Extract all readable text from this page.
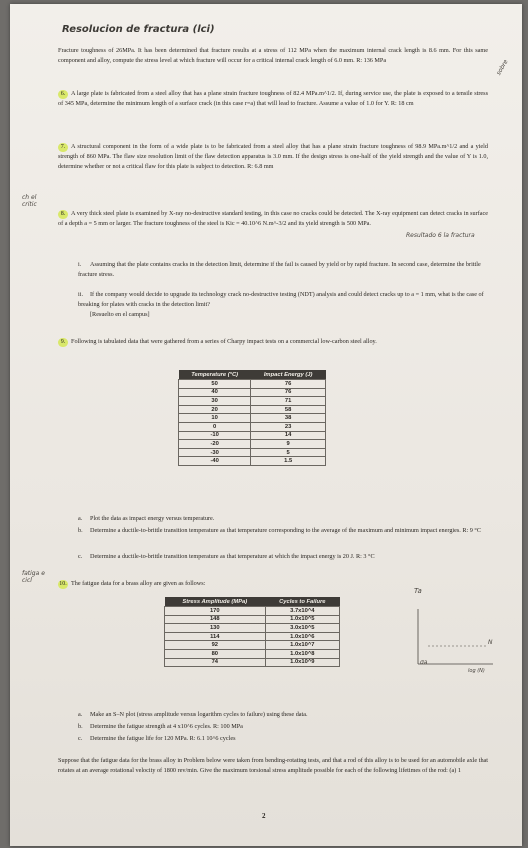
Resolucion de fractura (lci)
ch el critic
sobre
Fracture toughness of 26MPa. It has been determined that fracture results at a stress of 112 MPa when the maximum internal crack length is 8.6 mm. For this same component and alloy, compute the stress level at which fracture will occur for a critical internal crack length of 6.0 mm. R: 136 MPa
6. A large plate is fabricated from a steel alloy that has a plane strain fracture toughness of 82.4 MPa.m^1/2. If, during service use, the plate is exposed to a tensile stress of 345 MPa, determine the minimum length of a surface crack (in this case r=a) that will lead to fracture. Assume a value of 1.0 for Y. R: 18 cm
7. A structural component in the form of a wide plate is to be fabricated from a steel alloy that has a plane strain fracture toughness of 98.9 MPa.m^1/2 and a yield strength of 860 MPa. The flaw size resolution limit of the flaw detection apparatus is 3.0 mm. If the design stress is one-half of the yield strength and the value of Y is 1.0, determine whether or not a critical flaw for this plate is subject to detection. R: 6.8 mm
8. A very thick steel plate is examined by X-ray no-destructive standard testing, in this case no cracks could be detected. The X-ray equipment can detect cracks in surface of a depth a = 5 mm or larger. The fracture toughness of the steel is Kic = 40.10^6 N.m^-3/2 and its yield strength is 500 MPa.
Resultado 6 la fractura
i. Assuming that the plate contains cracks in the detection limit, determine if the fail is caused by yield or by rapid fracture. In second case, determine the brittle fracture stress.
ii. If the company would decide to upgrade its technology crack no-destructive testing (NDT) analysis and could detect cracks up to a = 1 mm, what is the case of breaking for plates with cracks in the detection limit?
[Resuelto en el campus]
9. Following is tabulated data that were gathered from a series of Charpy impact tests on a commercial low-carbon steel alloy.
Temperature (°C)	Impact Energy (J)
50	76
40	76
30	71
20	58
10	38
0	23
-10	14
-20	9
-30	5
-40	1.5
a. Plot the data as impact energy versus temperature.
b. Determine a ductile-to-brittle transition temperature as that temperature corresponding to the average of the maximum and minimum impact energies. R: 9 °C
c. Determine a ductile-to-brittle transition temperature as that temperature at which the impact energy is 20 J. R: 3 °C
fatiga e cicl	10. The fatigue data for a brass alloy are given as follows:
Stress Amplitude (MPa)	Cycles to Failure
170	3.7x10^4
148	1.0x10^5
130	3.0x10^5
114	1.0x10^6
92	1.0x10^7
80	1.0x10^8
74	1.0x10^9	σa
N
log (N)
Ta
a. Make an S–N plot (stress amplitude versus logarithm cycles to failure) using these data.
b. Determine the fatigue strength at 4 x10^6 cycles. R: 100 MPa
c. Determine the fatigue life for 120 MPa. R: 6.1 10^6 cycles
Suppose that the fatigue data for the brass alloy in Problem below were taken from bending-rotating tests, and that a rod of this alloy is to be used for an automobile axle that rotates at an average rotational velocity of 1800 rev/min. Give the maximum torsional stress amplitude possible for each of the following lifetimes of the rod: (a) 1
2
